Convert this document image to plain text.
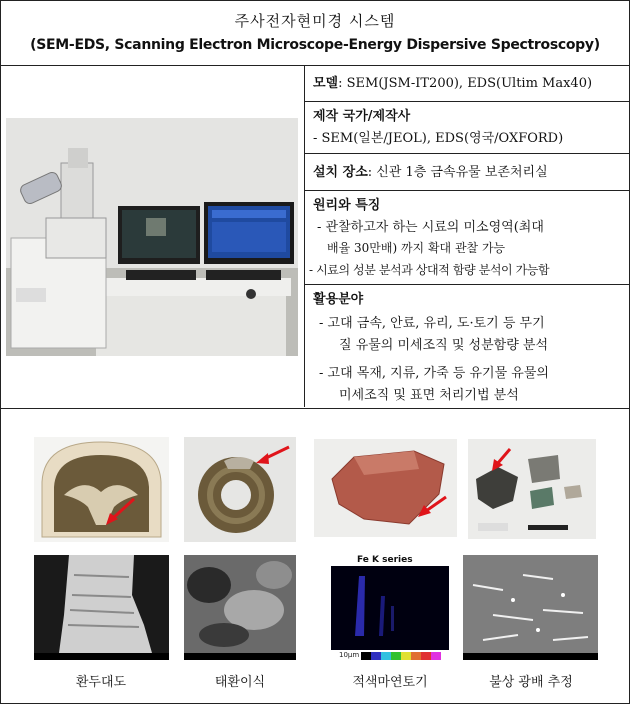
주사전자현미경 시스템
(SEM-EDS, Scanning Electron Microscope-Energy Dispersive Spectroscopy)
모델: SEM(JSM-IT200), EDS(Ultim Max40)
제작 국가/제작사
- SEM(일본/JEOL), EDS(영국/OXFORD)
설치 장소: 신관 1층 금속유물 보존처리실
원리와 특징
- 관찰하고자 하는 시료의 미소영역(최대
배율 30만배) 까지 확대 관찰 가능
- 시료의 성분 분석과 상대적 함량 분석이 가능함
활용분야
- 고대 금속, 안료, 유리, 도·토기 등 무기
질 유물의 미세조직 및 성분함량 분석
- 고대 목재, 지류, 가죽 등 유기물 유물의
미세조직 및 표면 처리기법 분석
Fe K series
10μm
환두대도	태환이식	적색마연토기	불상 광배 추정
